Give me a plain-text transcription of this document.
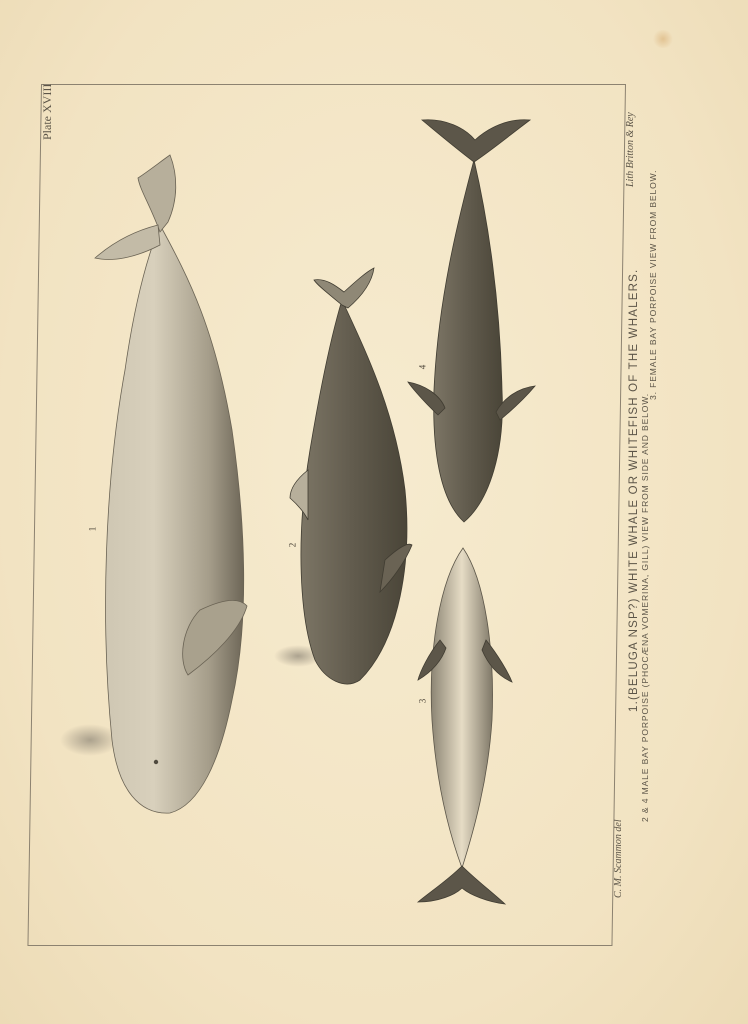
1
2
3
4
Plate XVIII
C. M. Scammon del
Lith Britton & Rey
1.(BELUGA NSP?) WHITE WHALE OR WHITEFISH OF THE WHALERS. 2 & 4 MALE BAY PORPOISE (PHOCÆNA VOMERINA, GILL) VIEW FROM SIDE AND BELOW.
3. FEMALE BAY PORPOISE VIEW FROM BELOW.
